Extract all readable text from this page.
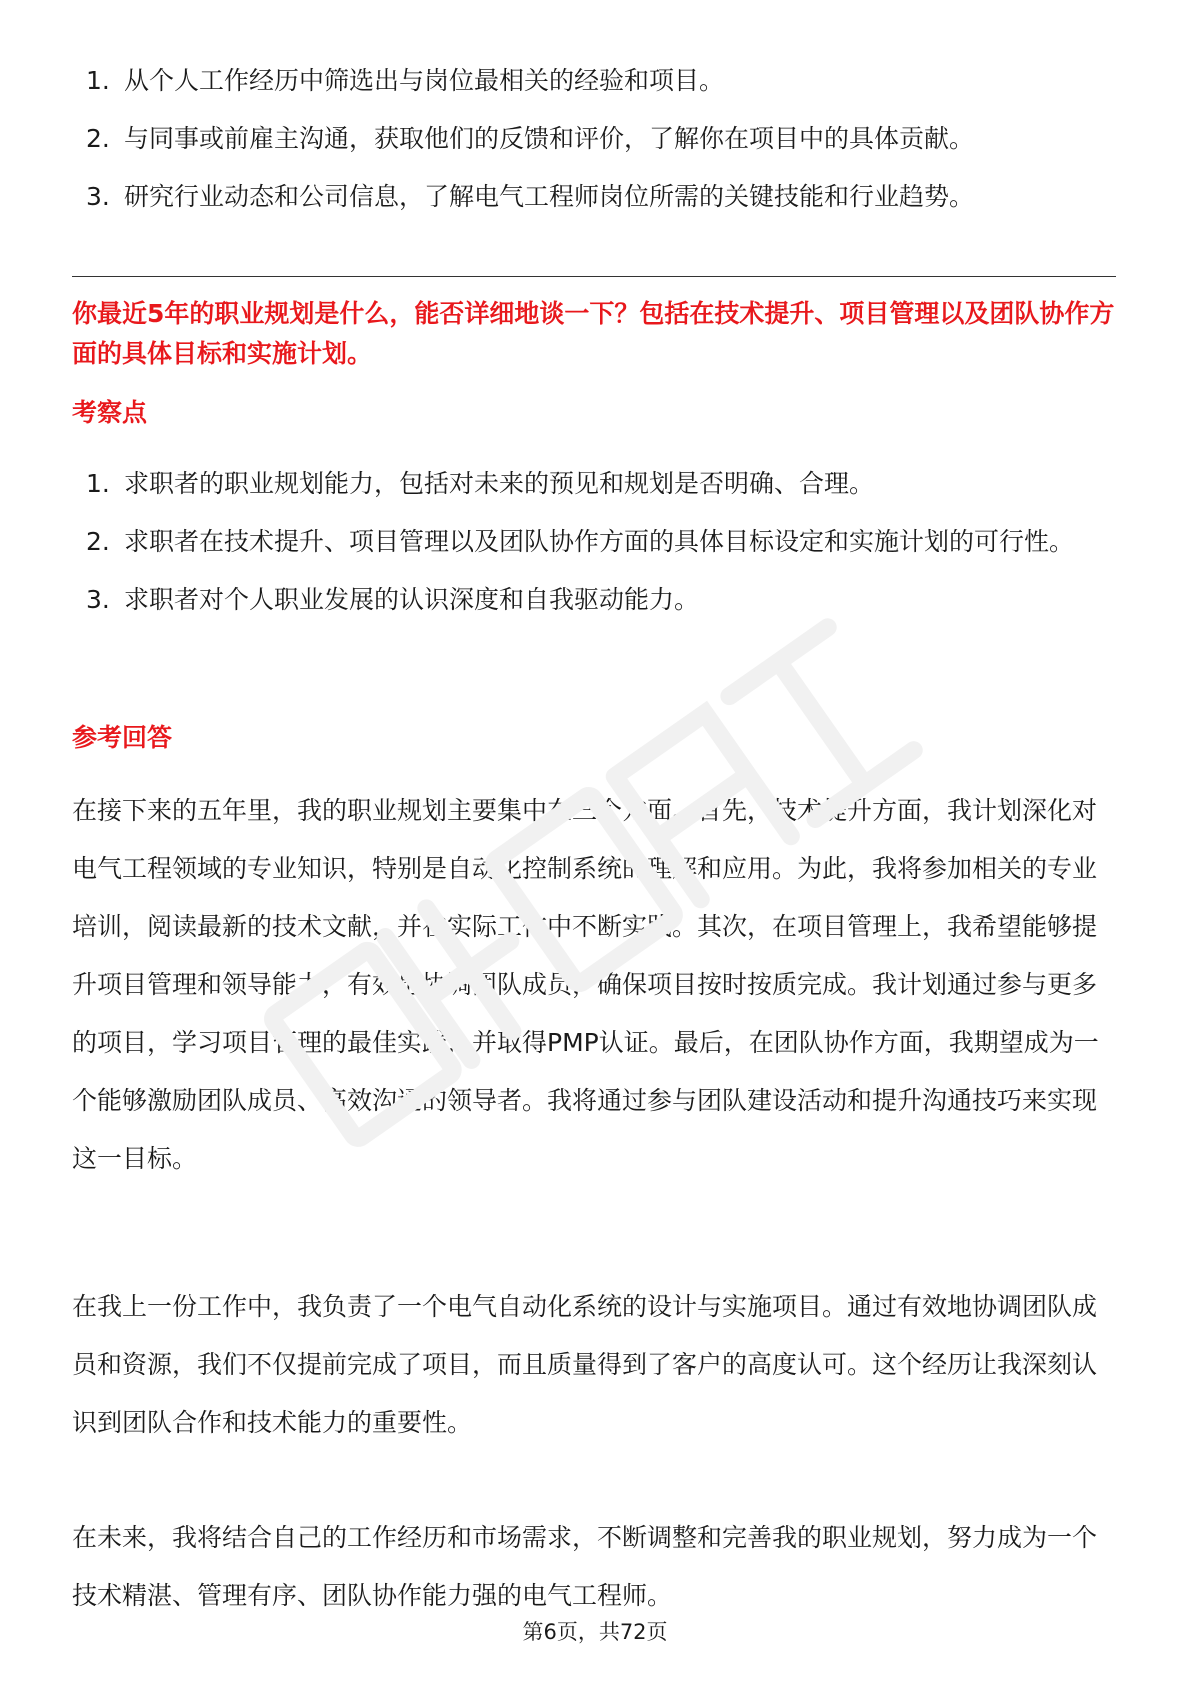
1. 从个人工作经历中筛选出与岗位最相关的经验和项目。
2. 与同事或前雇主沟通，获取他们的反馈和评价，了解你在项目中的具体贡献。
3. 研究行业动态和公司信息，了解电气工程师岗位所需的关键技能和行业趋势。
你最近5年的职业规划是什么，能否详细地谈一下？包括在技术提升、项目管理以及团队协作方面的具体目标和实施计划。
考察点
1. 求职者的职业规划能力，包括对未来的预见和规划是否明确、合理。
2. 求职者在技术提升、项目管理以及团队协作方面的具体目标设定和实施计划的可行性。
3. 求职者对个人职业发展的认识深度和自我驱动能力。
参考回答

在接下来的五年里，我的职业规划主要集中在三个方面。首先，技术提升方面，我计划深化对电气工程领域的专业知识，特别是自动化控制系统的理解和应用。为此，我将参加相关的专业培训，阅读最新的技术文献，并在实际工作中不断实践。其次，在项目管理上，我希望能够提升项目管理和领导能力，有效地协调团队成员，确保项目按时按质完成。我计划通过参与更多的项目，学习项目管理的最佳实践，并取得PMP认证。最后，在团队协作方面，我期望成为一个能够激励团队成员、高效沟通的领导者。我将通过参与团队建设活动和提升沟通技巧来实现这一目标。

在我上一份工作中，我负责了一个电气自动化系统的设计与实施项目。通过有效地协调团队成员和资源，我们不仅提前完成了项目，而且质量得到了客户的高度认可。这个经历让我深刻认识到团队合作和技术能力的重要性。

在未来，我将结合自己的工作经历和市场需求，不断调整和完善我的职业规划，努力成为一个技术精湛、管理有序、团队协作能力强的电气工程师。

第6页，共72页
